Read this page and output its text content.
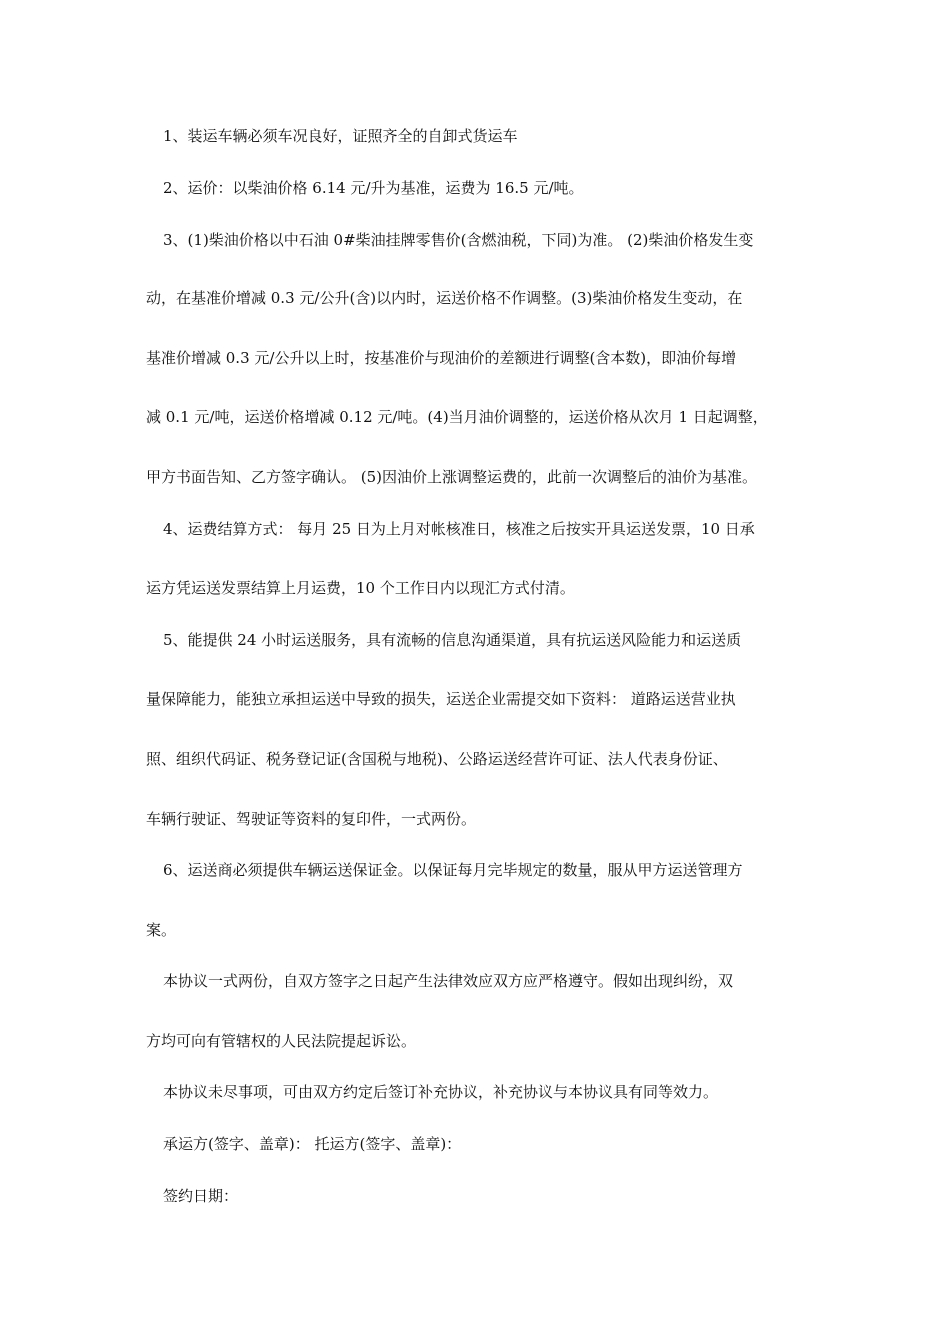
1、装运车辆必须车况良好，证照齐全的自卸式货运车

2、运价：以柴油价格 6.14 元/升为基准，运费为 16.5 元/吨。

3、(1)柴油价格以中石油 0#柴油挂牌零售价(含燃油税，下同)为准。 (2)柴油价格发生变

动，在基准价增减 0.3 元/公升(含)以内时，运送价格不作调整。(3)柴油价格发生变动，在

基准价增减 0.3 元/公升以上时，按基准价与现油价的差额进行调整(含本数)，即油价每增

减 0.1 元/吨，运送价格增减 0.12 元/吨。(4)当月油价调整的，运送价格从次月 1 日起调整，

甲方书面告知、乙方签字确认。 (5)因油价上涨调整运费的，此前一次调整后的油价为基准。

4、运费结算方式： 每月 25 日为上月对帐核准日，核准之后按实开具运送发票，10 日承

运方凭运送发票结算上月运费，10 个工作日内以现汇方式付清。

5、能提供 24 小时运送服务，具有流畅的信息沟通渠道，具有抗运送风险能力和运送质

量保障能力，能独立承担运送中导致的损失，运送企业需提交如下资料： 道路运送营业执

照、组织代码证、税务登记证(含国税与地税)、公路运送经营许可证、法人代表身份证、

车辆行驶证、驾驶证等资料的复印件，一式两份。

6、运送商必须提供车辆运送保证金。以保证每月完毕规定的数量，服从甲方运送管理方

案。

本协议一式两份，自双方签字之日起产生法律效应双方应严格遵守。假如出现纠纷，双

方均可向有管辖权的人民法院提起诉讼。

本协议未尽事项，可由双方约定后签订补充协议，补充协议与本协议具有同等效力。

承运方(签字、盖章)： 托运方(签字、盖章)：

签约日期：
